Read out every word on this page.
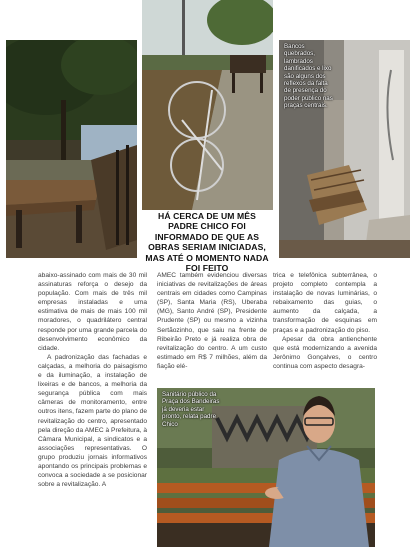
Bancos quebrados, lambrados danificados e lixo são alguns dos reflexos da falta de presença do poder público nas praças centrais.
HÁ CERCA DE UM MÊS PADRE CHICO FOI INFORMADO DE QUE AS OBRAS SERIAM INICIADAS, MAS ATÉ O MOMENTO NADA FOI FEITO
Sanitário público da Praça dos Bandeiras já deveria estar pronto, relata padre Chico
13 | REVIDE

abaixo-assinado com mais de 30 mil assinaturas reforça o desejo da população. Com mais de três mil empresas instaladas e uma estimativa de mais de mais 100 mil moradores, o quadrilátero central responde por uma grande parcela do desenvolvimento econômico da cidade.

A padronização das fachadas e calçadas, a melhoria do paisagismo e da iluminação, a instalação de lixeiras e de bancos, a melhoria da segurança pública com mais câmeras de monitoramento, entre outros itens, fazem parte do plano de revitalização do centro, apresentado pela direção da AMEC à Prefeitura, à Câmara Municipal, a sindicatos e a associações representativas. O grupo produziu jornais informativos apontando os principais problemas e convoca a sociedade a se posicionar sobre a revitalização. A

AMEC também evidenciou diversas iniciativas de revitalizações de áreas centrais em cidades como Campinas (SP), Santa Maria (RS), Uberaba (MG), Santo André (SP), Presidente Prudente (SP) ou mesmo a vizinha Sertãozinho, que saiu na frente de Ribeirão Preto e já realiza obra de revitalização do centro. A um custo estimado em R$ 7 milhões, além da fiação elé-

trica e telefônica subterrânea, o projeto completo contempla a instalação de novas luminárias, o rebaixamento das guias, o aumento da calçada, a transformação de esquinas em praças e a padronização do piso.

Apesar da obra antienchente que está modernizando a avenida Jerônimo Gonçalves, o centro continua com aspecto desagra-
